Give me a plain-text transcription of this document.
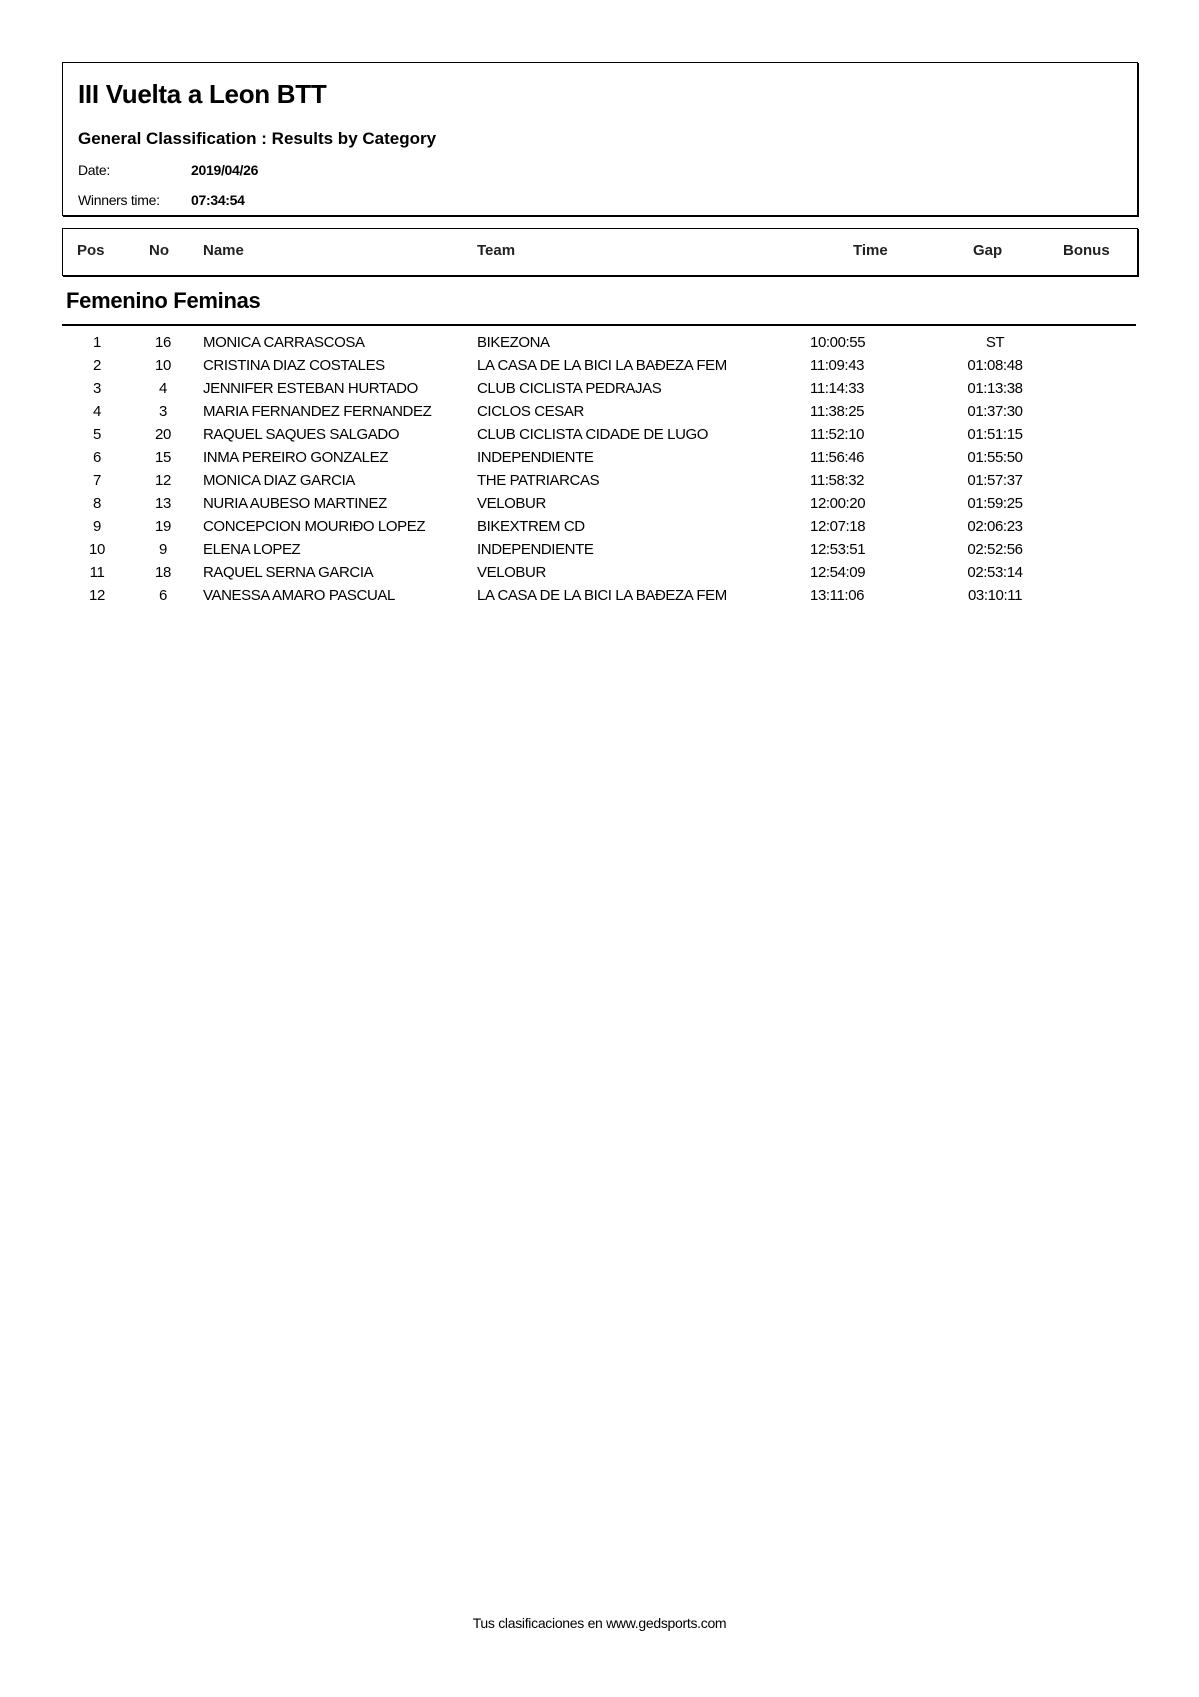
III Vuelta a Leon BTT
General Classification : Results by Category
Date:	2019/04/26
Winners time: 07:34:54
Pos	No Name	Team	Time	Gap	Bonus
Femenino Feminas
1	16	MONICA CARRASCOSA	BIKEZONA	10:00:55	ST
2	10	CRISTINA DIAZ COSTALES	LA CASA DE LA BICI LA BAÐEZA FEM	11:09:43	01:08:48
3	4	JENNIFER ESTEBAN HURTADO	CLUB CICLISTA PEDRAJAS	11:14:33	01:13:38
4	3	MARIA FERNANDEZ FERNANDEZ	CICLOS CESAR	11:38:25	01:37:30
5	20	RAQUEL SAQUES SALGADO	CLUB CICLISTA CIDADE DE LUGO	11:52:10	01:51:15
6	15	INMA PEREIRO GONZALEZ	INDEPENDIENTE	11:56:46	01:55:50
7	12	MONICA DIAZ GARCIA	THE PATRIARCAS	11:58:32	01:57:37
8	13	NURIA AUBESO MARTINEZ	VELOBUR	12:00:20	01:59:25
9	19	CONCEPCION MOURIÐO LOPEZ	BIKEXTREM CD	12:07:18	02:06:23
10	9	ELENA LOPEZ	INDEPENDIENTE	12:53:51	02:52:56
11	18	RAQUEL SERNA GARCIA	VELOBUR	12:54:09	02:53:14
12	6	VANESSA AMARO PASCUAL	LA CASA DE LA BICI LA BAÐEZA FEM	13:11:06	03:10:11
Tus clasificaciones en www.gedsports.com
